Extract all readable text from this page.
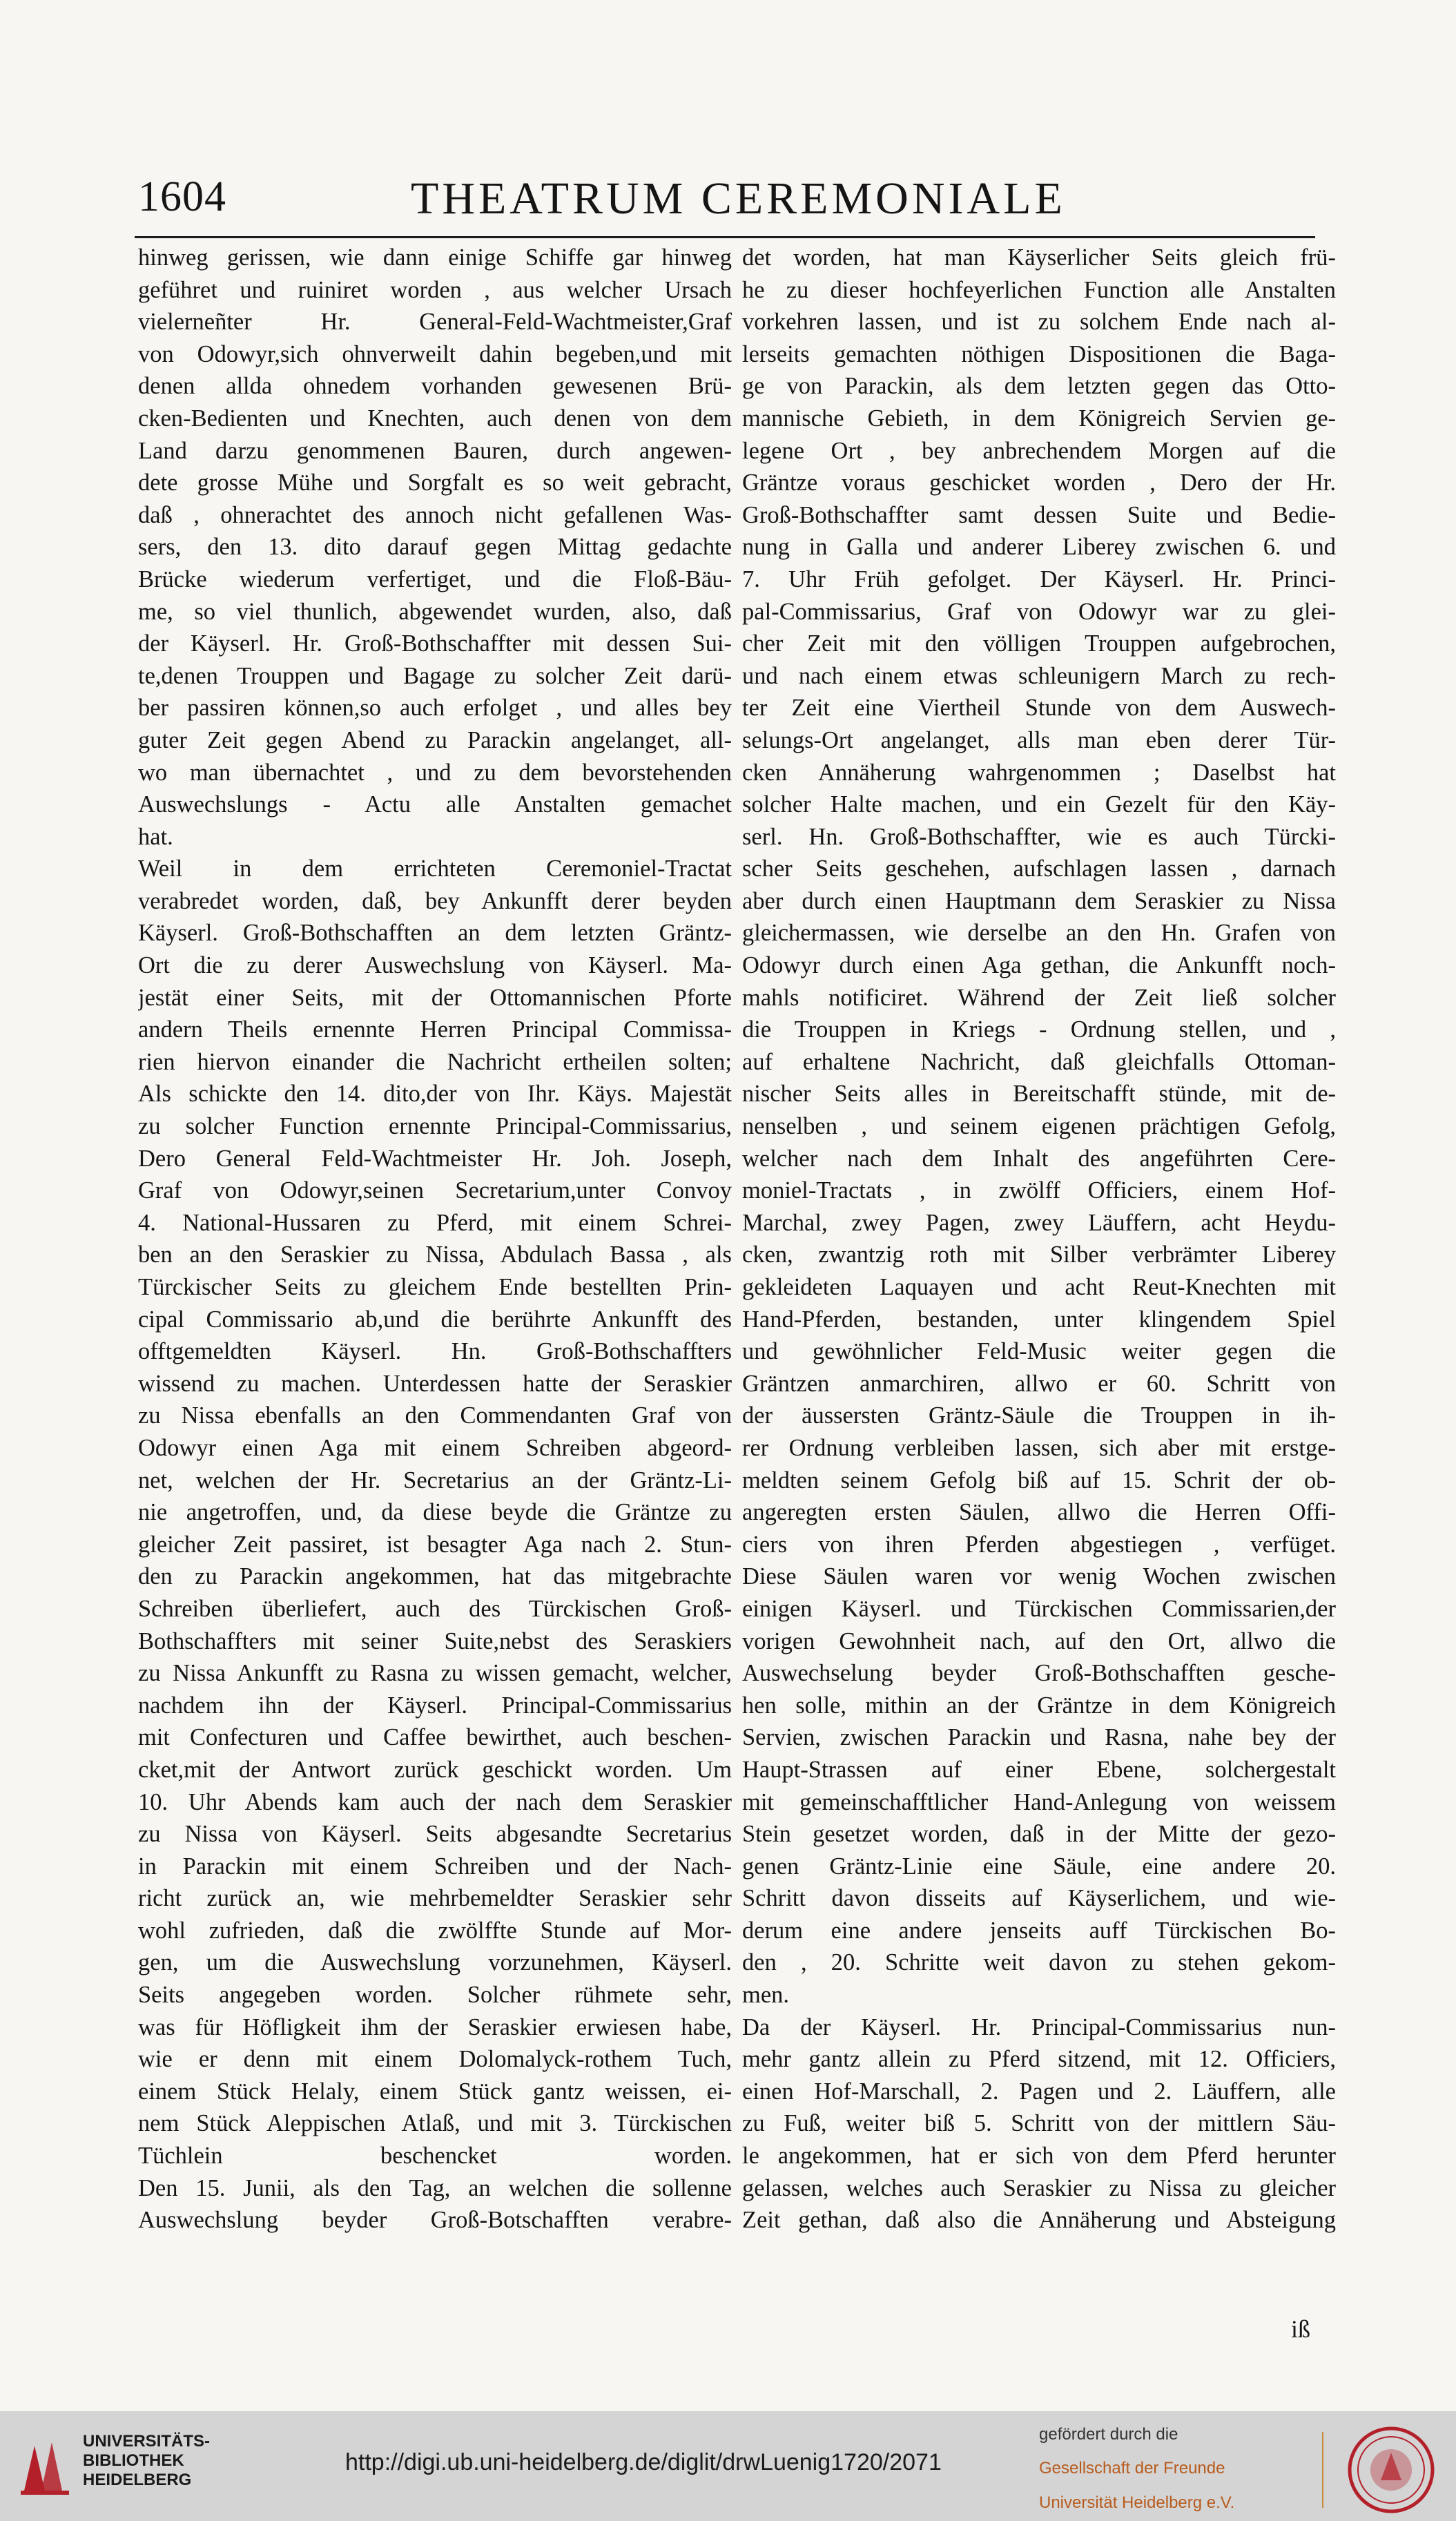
1604	THEATRUM CEREMONIALE
hinweg gerissen, wie dann einige Schiffe gar hinweg
geführet und ruiniret worden , aus welcher Ursach
vielerneñter Hr. General-Feld-Wachtmeister,Graf
von Odowyr,sich ohnverweilt dahin begeben,und mit
denen allda ohnedem vorhanden gewesenen Brü-
cken-Bedienten und Knechten, auch denen von dem
Land darzu genommenen Bauren, durch angewen-
dete grosse Mühe und Sorgfalt es so weit gebracht,
daß , ohnerachtet des annoch nicht gefallenen Was-
sers, den 13. dito darauf gegen Mittag gedachte
Brücke wiederum verfertiget, und die Floß-Bäu-
me, so viel thunlich, abgewendet wurden, also, daß
der Käyserl. Hr. Groß-Bothschaffter mit dessen Sui-
te,denen Trouppen und Bagage zu solcher Zeit darü-
ber passiren können,so auch erfolget , und alles bey
guter Zeit gegen Abend zu Parackin angelanget, all-
wo man übernachtet , und zu dem bevorstehenden
Auswechslungs - Actu alle Anstalten gemachet
hat.
Weil in dem errichteten Ceremoniel-Tractat
verabredet worden, daß, bey Ankunfft derer beyden
Käyserl. Groß-Bothschafften an dem letzten Gräntz-
Ort die zu derer Auswechslung von Käyserl. Ma-
jestät einer Seits, mit der Ottomannischen Pforte
andern Theils ernennte Herren Principal Commissa-
rien hiervon einander die Nachricht ertheilen solten;
Als schickte den 14. dito,der von Ihr. Käys. Majestät
zu solcher Function ernennte Principal-Commissarius,
Dero General Feld-Wachtmeister Hr. Joh. Joseph,
Graf von Odowyr,seinen Secretarium,unter Convoy
4. National-Hussaren zu Pferd, mit einem Schrei-
ben an den Seraskier zu Nissa, Abdulach Bassa , als
Türckischer Seits zu gleichem Ende bestellten Prin-
cipal Commissario ab,und die berührte Ankunfft des
offtgemeldten Käyserl. Hn. Groß-Bothschaffters
wissend zu machen. Unterdessen hatte der Seraskier
zu Nissa ebenfalls an den Commendanten Graf von
Odowyr einen Aga mit einem Schreiben abgeord-
net, welchen der Hr. Secretarius an der Gräntz-Li-
nie angetroffen, und, da diese beyde die Gräntze zu
gleicher Zeit passiret, ist besagter Aga nach 2. Stun-
den zu Parackin angekommen, hat das mitgebrachte
Schreiben überliefert, auch des Türckischen Groß-
Bothschaffters mit seiner Suite,nebst des Seraskiers
zu Nissa Ankunfft zu Rasna zu wissen gemacht, welcher,
nachdem ihn der Käyserl. Principal-Commissarius
mit Confecturen und Caffee bewirthet, auch beschen-
cket,mit der Antwort zurück geschickt worden. Um
10. Uhr Abends kam auch der nach dem Seraskier
zu Nissa von Käyserl. Seits abgesandte Secretarius
in Parackin mit einem Schreiben und der Nach-
richt zurück an, wie mehrbemeldter Seraskier sehr
wohl zufrieden, daß die zwölffte Stunde auf Mor-
gen, um die Auswechslung vorzunehmen, Käyserl.
Seits angegeben worden. Solcher rühmete sehr,
was für Höfligkeit ihm der Seraskier erwiesen habe,
wie er denn mit einem Dolomalyck-rothem Tuch,
einem Stück Helaly, einem Stück gantz weissen, ei-
nem Stück Aleppischen Atlaß, und mit 3. Türckischen
Tüchlein beschencket worden.
Den 15. Junii, als den Tag, an welchen die sollenne
Auswechslung beyder Groß-Botschafften verabre-
det worden, hat man Käyserlicher Seits gleich frü-
he zu dieser hochfeyerlichen Function alle Anstalten
vorkehren lassen, und ist zu solchem Ende nach al-
lerseits gemachten nöthigen Dispositionen die Baga-
ge von Parackin, als dem letzten gegen das Otto-
mannische Gebieth, in dem Königreich Servien ge-
legene Ort , bey anbrechendem Morgen auf die
Gräntze voraus geschicket worden , Dero der Hr.
Groß-Bothschaffter samt dessen Suite und Bedie-
nung in Galla und anderer Liberey zwischen 6. und
7. Uhr Früh gefolget. Der Käyserl. Hr. Princi-
pal-Commissarius, Graf von Odowyr war zu glei-
cher Zeit mit den völligen Trouppen aufgebrochen,
und nach einem etwas schleunigern March zu rech-
ter Zeit eine Viertheil Stunde von dem Auswech-
selungs-Ort angelanget, alls man eben derer Tür-
cken Annäherung wahrgenommen ; Daselbst hat
solcher Halte machen, und ein Gezelt für den Käy-
serl. Hn. Groß-Bothschaffter, wie es auch Türcki-
scher Seits geschehen, aufschlagen lassen , darnach
aber durch einen Hauptmann dem Seraskier zu Nissa
gleichermassen, wie derselbe an den Hn. Grafen von
Odowyr durch einen Aga gethan, die Ankunfft noch-
mahls notificiret. Während der Zeit ließ solcher
die Trouppen in Kriegs - Ordnung stellen, und ,
auf erhaltene Nachricht, daß gleichfalls Ottoman-
nischer Seits alles in Bereitschafft stünde, mit de-
nenselben , und seinem eigenen prächtigen Gefolg,
welcher nach dem Inhalt des angeführten Cere-
moniel-Tractats , in zwölff Officiers, einem Hof-
Marchal, zwey Pagen, zwey Läuffern, acht Heydu-
cken, zwantzig roth mit Silber verbrämter Liberey
gekleideten Laquayen und acht Reut-Knechten mit
Hand-Pferden, bestanden, unter klingendem Spiel
und gewöhnlicher Feld-Music weiter gegen die
Gräntzen anmarchiren, allwo er 60. Schritt von
der äussersten Gräntz-Säule die Trouppen in ih-
rer Ordnung verbleiben lassen, sich aber mit erstge-
meldten seinem Gefolg biß auf 15. Schrit der ob-
angeregten ersten Säulen, allwo die Herren Offi-
ciers von ihren Pferden abgestiegen , verfüget.
Diese Säulen waren vor wenig Wochen zwischen
einigen Käyserl. und Türckischen Commissarien,der
vorigen Gewohnheit nach, auf den Ort, allwo die
Auswechselung beyder Groß-Bothschafften gesche-
hen solle, mithin an der Gräntze in dem Königreich
Servien, zwischen Parackin und Rasna, nahe bey der
Haupt-Strassen auf einer Ebene, solchergestalt
mit gemeinschafftlicher Hand-Anlegung von weissem
Stein gesetzet worden, daß in der Mitte der gezo-
genen Gräntz-Linie eine Säule, eine andere 20.
Schritt davon disseits auf Käyserlichem, und wie-
derum eine andere jenseits auff Türckischen Bo-
den , 20. Schritte weit davon zu stehen gekom-
men.
Da der Käyserl. Hr. Principal-Commissarius nun-
mehr gantz allein zu Pferd sitzend, mit 12. Officiers,
einen Hof-Marschall, 2. Pagen und 2. Läuffern, alle
zu Fuß, weiter biß 5. Schritt von der mittlern Säu-
le angekommen, hat er sich von dem Pferd herunter
gelassen, welches auch Seraskier zu Nissa zu gleicher
Zeit gethan, daß also die Annäherung und Absteigung
iß
UNIVERSITÄTS-
BIBLIOTHEK
HEIDELBERG
http://digi.ub.uni-heidelberg.de/diglit/drwLuenig1720/2071
gefördert durch die
Gesellschaft der Freunde
Universität Heidelberg e.V.
